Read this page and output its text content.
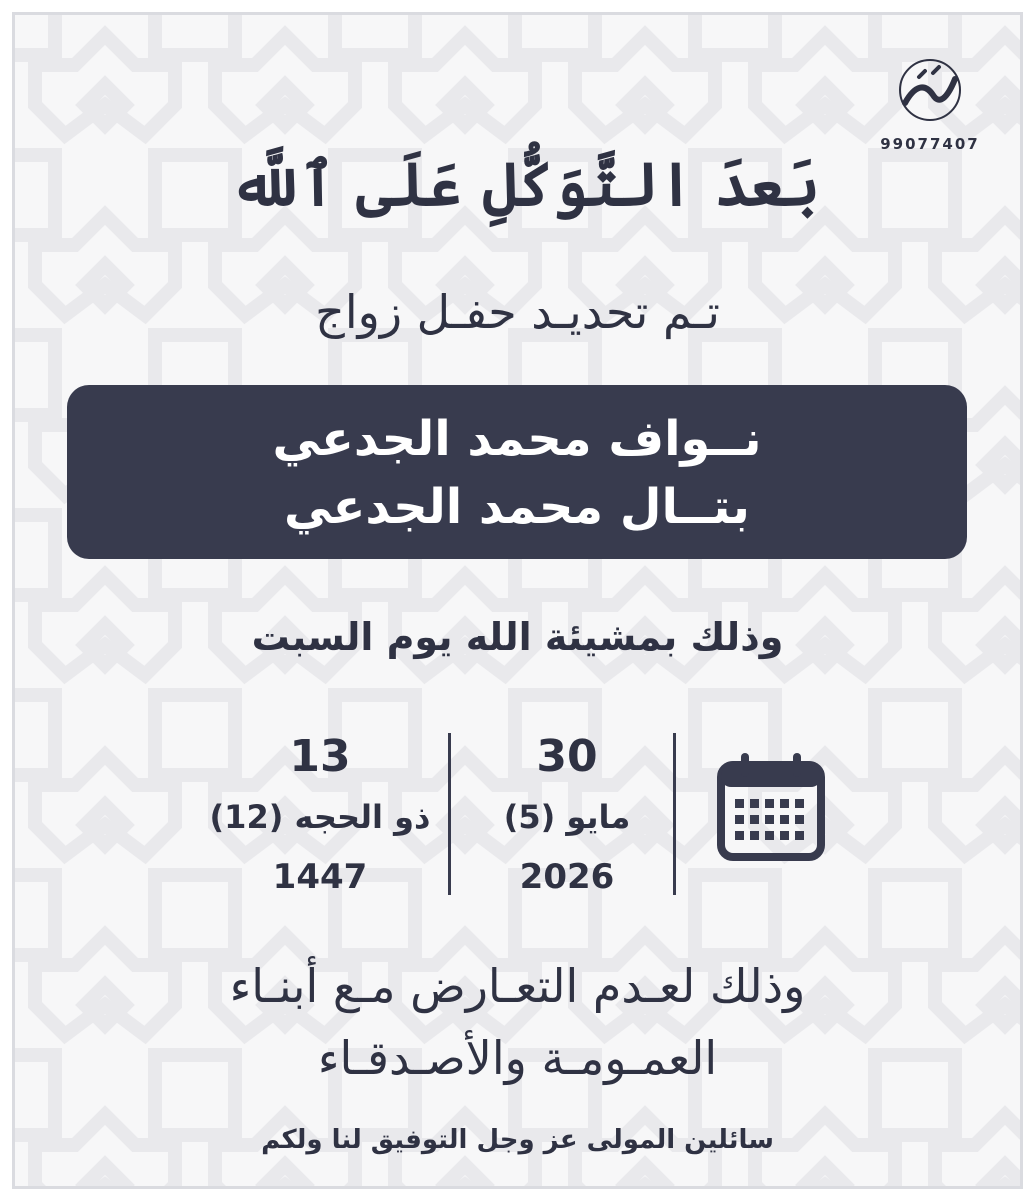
99077407
بَعدَ التَّوَكُّلِ عَلَى ٱللَّه
تـم تحديـد حفـل زواج
نــواف محمد الجدعي
بتــال محمد الجدعي
وذلك بمشيئة الله يوم السبت
13
ذو الحجه (12)
1447
30
مايو (5)
2026
وذلك لعـدم التعـارض مـع أبنـاء
العمـومـة والأصـدقـاء
سائلين المولى عز وجل التوفيق لنا ولكم
